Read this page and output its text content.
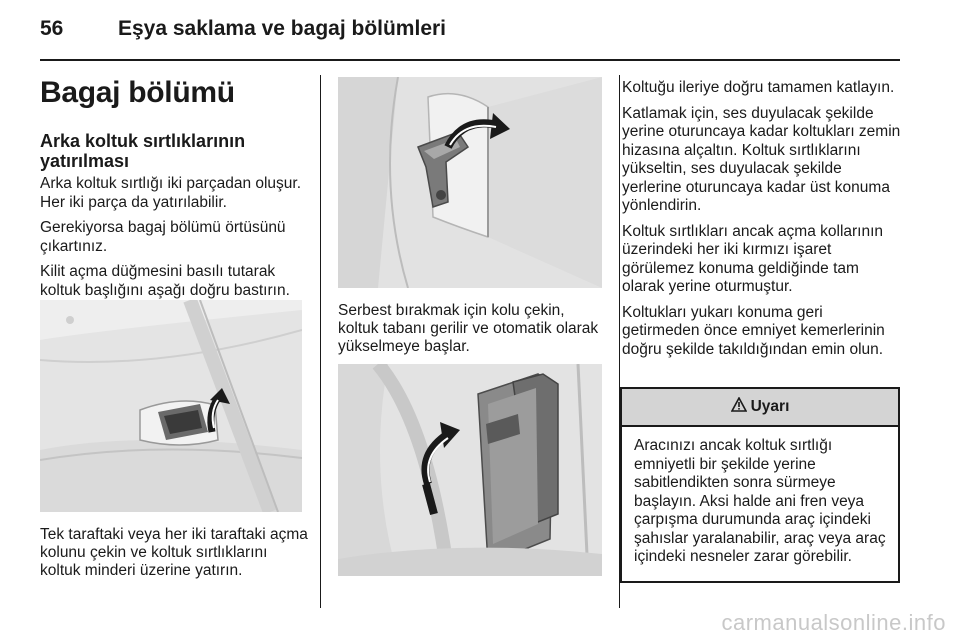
56	Eşya saklama ve bagaj bölümleri
Bagaj bölümü
Arka koltuk sırtlıklarının yatırılması

Arka koltuk sırtlığı iki parçadan oluşur. Her iki parça da yatırılabilir.

Gerekiyorsa bagaj bölümü örtüsünü çıkartınız.

Kilit açma düğmesini basılı tutarak koltuk başlığını aşağı doğru bastırın.

Tek taraftaki veya her iki taraftaki açma kolunu çekin ve koltuk sırtlıklarını koltuk minderi üzerine yatırın.

Serbest bırakmak için kolu çekin, koltuk tabanı gerilir ve otomatik olarak yükselmeye başlar.

Koltuğu ileriye doğru tamamen katlayın.

Katlamak için, ses duyulacak şekilde yerine oturuncaya kadar koltukları zemin hizasına alçaltın. Koltuk sırtlıklarını yükseltin, ses duyulacak şekilde yerlerine oturuncaya kadar üst konuma yönlendirin.

Koltuk sırtlıkları ancak açma kollarının üzerindeki her iki kırmızı işaret görülemez konuma geldiğinde tam olarak yerine oturmuştur.

Koltukları yukarı konuma geri getirmeden önce emniyet kemerlerinin doğru şekilde takıldığından emin olun.

Uyarı
Aracınızı ancak koltuk sırtlığı emniyetli bir şekilde yerine sabitlendikten sonra sürmeye başlayın. Aksi halde ani fren veya çarpışma durumunda araç içindeki şahıslar yaralanabilir, araç veya araç içindeki nesneler zarar görebilir.
carmanualsonline.info
